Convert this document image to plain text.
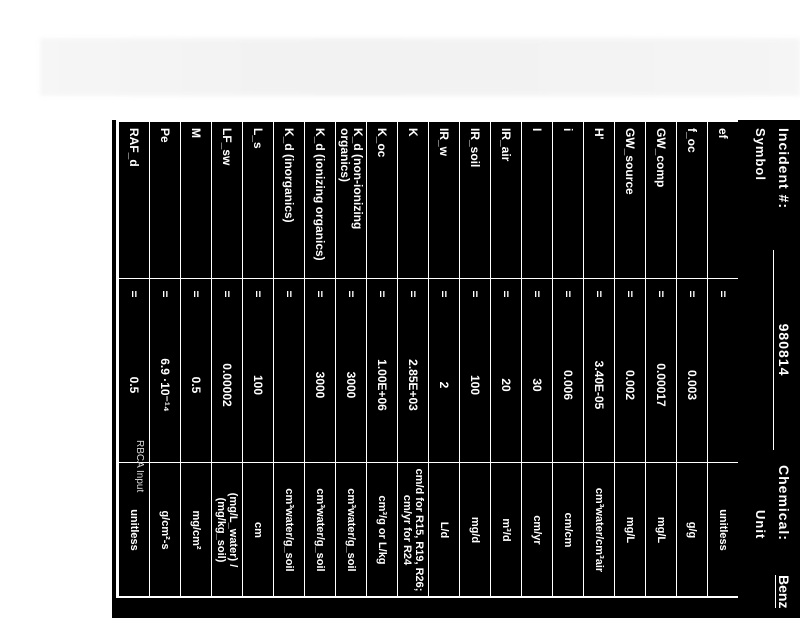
Incident #:
980814
Chemical:
Benz
Symbol
Unit
ef
=
unitless
f_oc
=
0.003
g/g
GW_comp
=
0.00017
mg/L
GW_source
=
0.002
mg/L
H'
=
3.40E-05
cm³water/cm³air
i
=
0.006
cm/cm
I
=
30
cm/yr
IR_air
=
20
m³/d
IR_soil
=
100
mg/d
IR_w
=
2
L/d
K
=
2.85E+03
cm/d for R15, R19, R26; cm/yr for R24
K_oc
=
1.00E+06
cm³/g or L/kg
K_d (non-ionizing organics)
=
3000
cm³water/g_soil
K_d (ionizing organics)
=
3000
cm³water/g_soil
K_d (inorganics)
=
cm³water/g_soil
L_s
=
100
cm
LF_sw
=
0.00002
(mg/L_water) / (mg/kg_soil)
M
=
0.5
mg/cm²
Pe
=
6.9 ·10⁻¹⁴
g/cm²-s
RAF_d
=
0.5
unitless
RBCA Input
